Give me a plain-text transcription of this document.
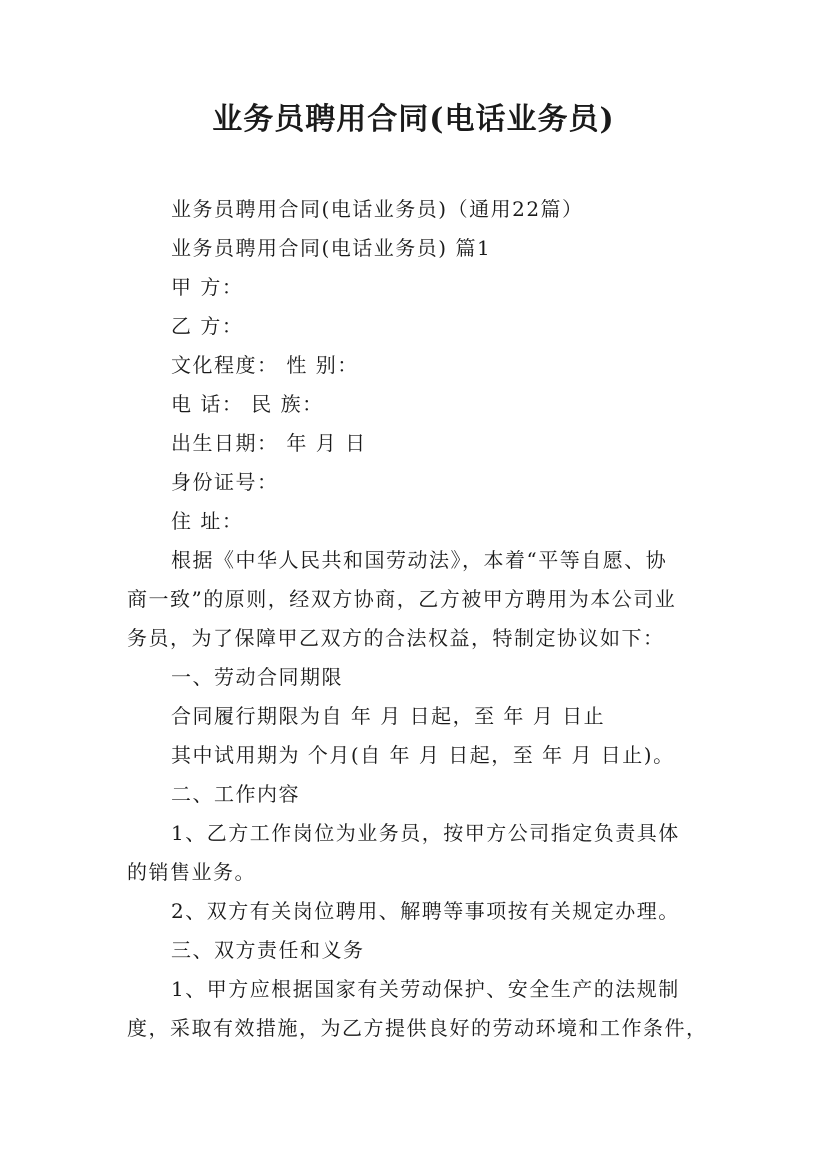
业务员聘用合同(电话业务员)

业务员聘用合同(电话业务员)（通用22篇）

业务员聘用合同(电话业务员) 篇1

甲 方：

乙 方：

文化程度： 性 别：

电 话： 民 族：

出生日期： 年 月 日

身份证号：

住 址：

根据《中华人民共和国劳动法》，本着“平等自愿、协

商一致”的原则，经双方协商，乙方被甲方聘用为本公司业

务员，为了保障甲乙双方的合法权益，特制定协议如下：

一、劳动合同期限

合同履行期限为自 年 月 日起，至 年 月 日止

其中试用期为 个月(自 年 月 日起，至 年 月 日止)。

二、工作内容

1、乙方工作岗位为业务员，按甲方公司指定负责具体

的销售业务。

2、双方有关岗位聘用、解聘等事项按有关规定办理。

三、双方责任和义务

1、甲方应根据国家有关劳动保护、安全生产的法规制

度，采取有效措施，为乙方提供良好的劳动环境和工作条件，
